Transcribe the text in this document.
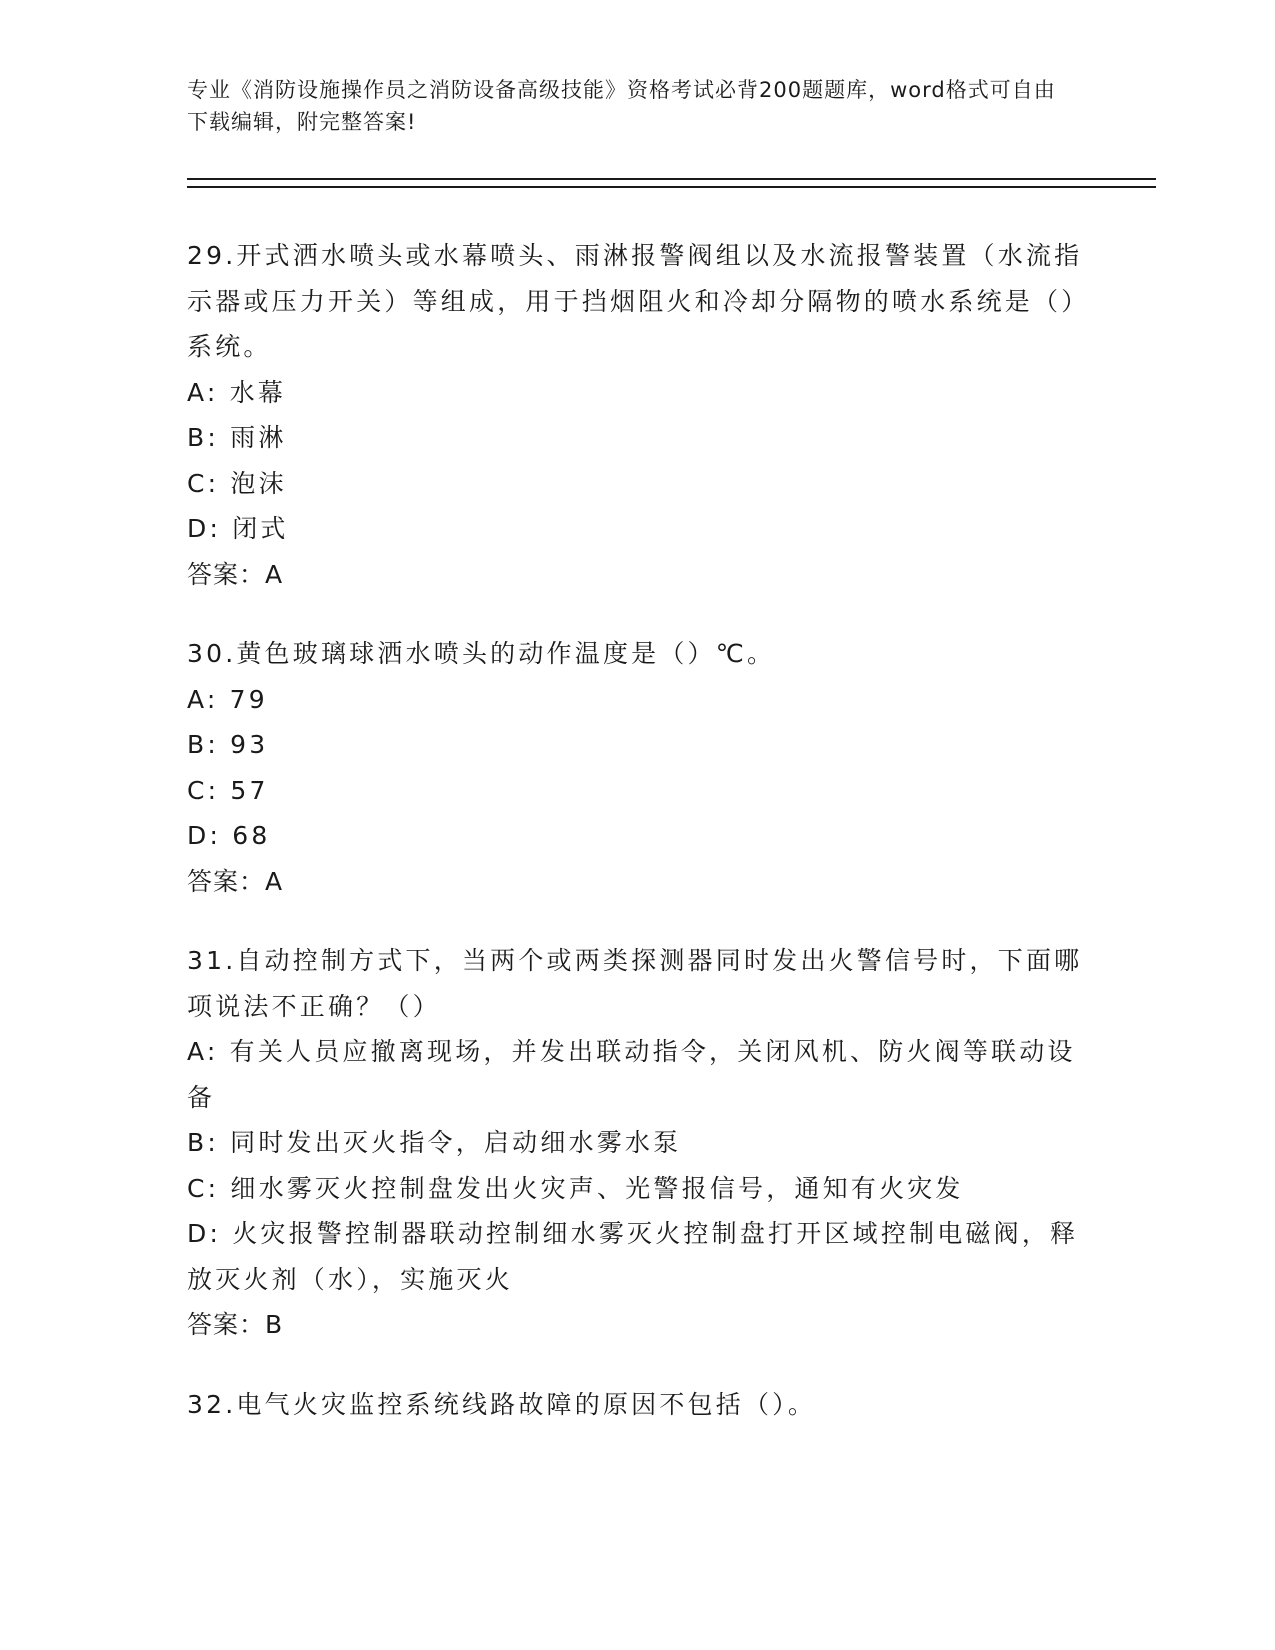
专业《消防设施操作员之消防设备高级技能》资格考试必背200题题库，word格式可自由下载编辑，附完整答案!

29.开式洒水喷头或水幕喷头、雨淋报警阀组以及水流报警装置（水流指示器或压力开关）等组成，用于挡烟阻火和冷却分隔物的喷水系统是（）系统。

A: 水幕

B: 雨淋

C: 泡沫

D: 闭式

答案：A

30.黄色玻璃球洒水喷头的动作温度是（）℃。

A: 79

B: 93

C: 57

D: 68

答案：A

31.自动控制方式下，当两个或两类探测器同时发出火警信号时，下面哪项说法不正确？（）

A: 有关人员应撤离现场，并发出联动指令，关闭风机、防火阀等联动设备

B: 同时发出灭火指令，启动细水雾水泵

C: 细水雾灭火控制盘发出火灾声、光警报信号，通知有火灾发

D: 火灾报警控制器联动控制细水雾灭火控制盘打开区域控制电磁阀，释放灭火剂（水），实施灭火

答案：B

32.电气火灾监控系统线路故障的原因不包括（）。
